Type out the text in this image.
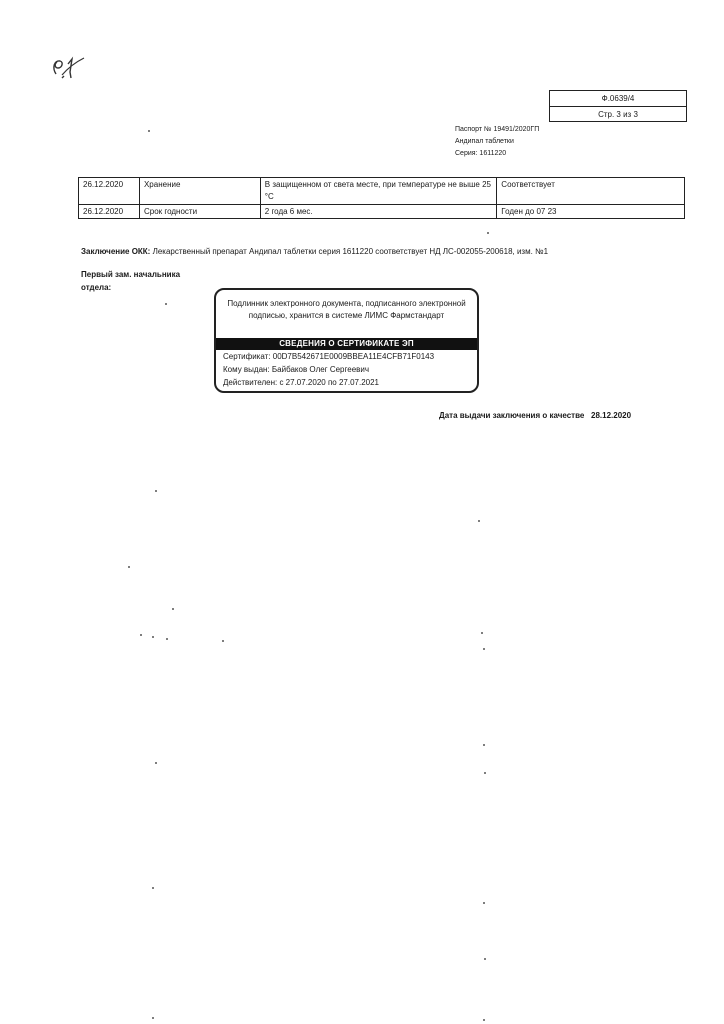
Ф.0639/4
Стр. 3 из 3
Паспорт № 19491/2020ГП
Андипал таблетки
Серия: 1611220
26.12.2020	Хранение	В защищенном от света месте, при температуре не выше 25 °С	Соответствует
26.12.2020	Срок годности	2 года 6 мес.	Годен до 07 23
Заключение ОКК: Лекарственный препарат Андипал таблетки серия 1611220 соответствует НД ЛС-002055-200618, изм. №1
Первый зам. начальника отдела:
Подлинник электронного документа, подписанного электронной подписью, хранится в системе ЛИМС Фармстандарт
СВЕДЕНИЯ О СЕРТИФИКАТЕ ЭП
Сертификат: 00D7B542671E0009BBEA11E4CFB71F0143
Кому выдан: Байбаков Олег Сергеевич
Действителен: с 27.07.2020 по 27.07.2021
Дата выдачи заключения о качестве 28.12.2020
